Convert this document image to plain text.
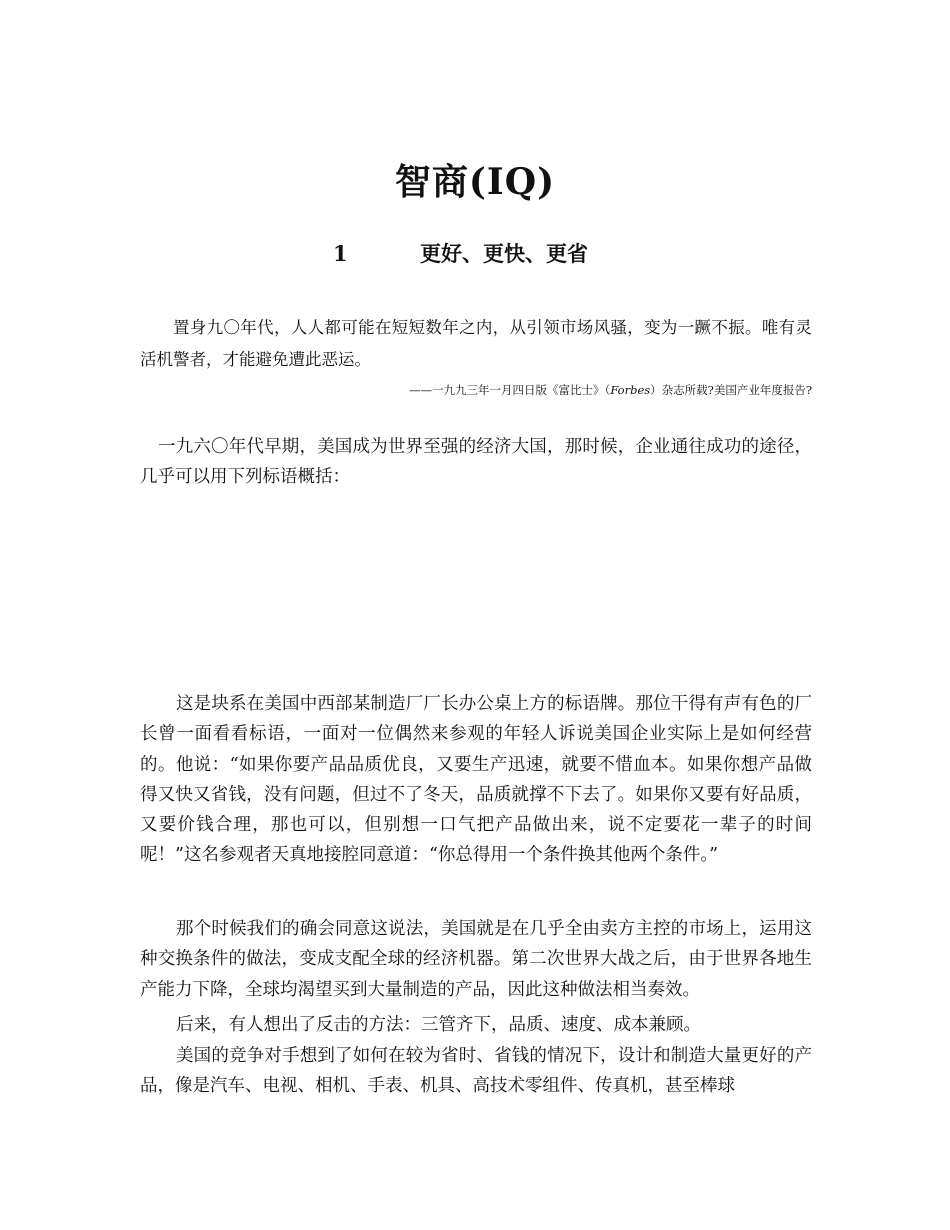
智商(IQ)
1	更好、更快、更省
置身九〇年代，人人都可能在短短数年之内，从引领市场风骚，变为一蹶不振。唯有灵活机警者，才能避免遭此恶运。
——一九九三年一月四日版《富比士》（Forbes）杂志所载?美国产业年度报告?

一九六〇年代早期，美国成为世界至强的经济大国，那时候，企业通往成功的途径，几乎可以用下列标语概括：

这是块系在美国中西部某制造厂厂长办公桌上方的标语牌。那位干得有声有色的厂长曾一面看看标语，一面对一位偶然来参观的年轻人诉说美国企业实际上是如何经营的。他说：“如果你要产品品质优良，又要生产迅速，就要不惜血本。如果你想产品做得又快又省钱，没有问题，但过不了冬天，品质就撑不下去了。如果你又要有好品质，又要价钱合理，那也可以，但别想一口气把产品做出来，说不定要花一辈子的时间呢！”这名参观者天真地接腔同意道：“你总得用一个条件换其他两个条件。”

那个时候我们的确会同意这说法，美国就是在几乎全由卖方主控的市场上，运用这种交换条件的做法，变成支配全球的经济机器。第二次世界大战之后，由于世界各地生产能力下降，全球均渴望买到大量制造的产品，因此这种做法相当奏效。

后来，有人想出了反击的方法：三管齐下，品质、速度、成本兼顾。

美国的竞争对手想到了如何在较为省时、省钱的情况下，设计和制造大量更好的产品，像是汽车、电视、相机、手表、机具、高技术零组件、传真机，甚至棒球
